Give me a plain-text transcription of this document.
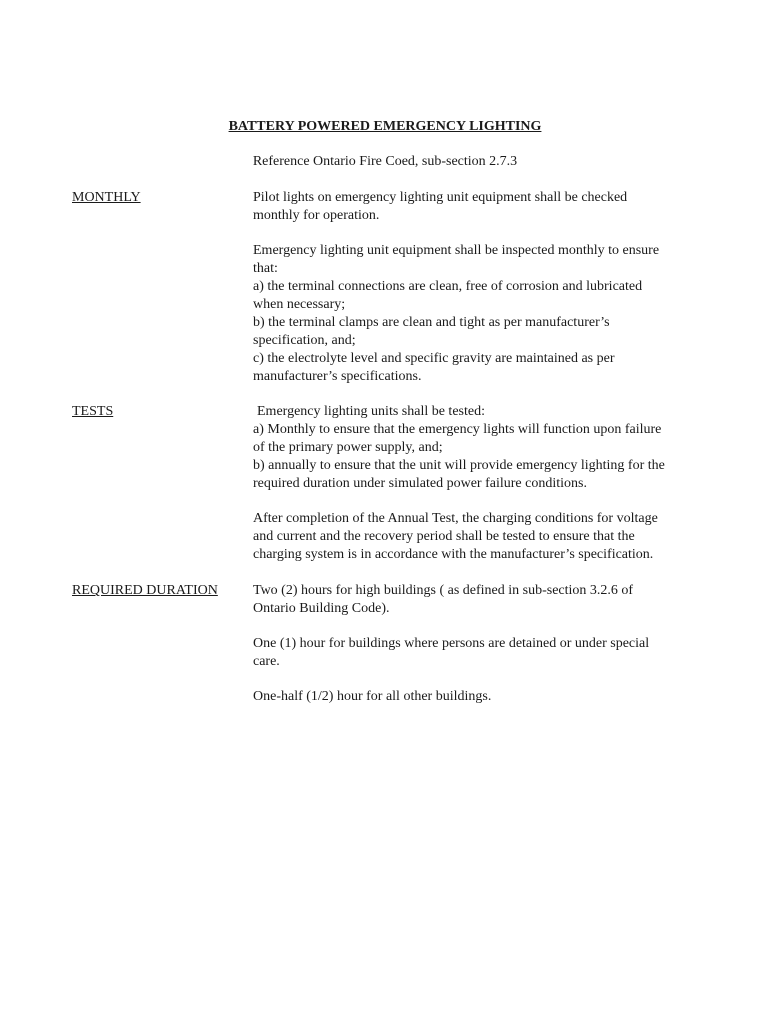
BATTERY POWERED EMERGENCY LIGHTING
Reference Ontario Fire Coed, sub-section 2.7.3
MONTHLY	Pilot lights on emergency lighting unit equipment shall be checked
monthly for operation.
Emergency lighting unit equipment shall be inspected monthly to ensure
that:
a) the terminal connections are clean, free of corrosion and lubricated
when necessary;
b) the terminal clamps are clean and tight as per manufacturer’s
specification, and;
c) the electrolyte level and specific gravity are maintained as per
manufacturer’s specifications.
TESTS	Emergency lighting units shall be tested:
a) Monthly to ensure that the emergency lights will function upon failure
of the primary power supply, and;
b) annually to ensure that the unit will provide emergency lighting for the
required duration under simulated power failure conditions.
After completion of the Annual Test, the charging conditions for voltage
and current and the recovery period shall be tested to ensure that the
charging system is in accordance with the manufacturer’s specification.
REQUIRED DURATION	Two (2) hours for high buildings ( as defined in sub-section 3.2.6 of
Ontario Building Code).
One (1) hour for buildings where persons are detained or under special
care.
One-half (1/2) hour for all other buildings.
